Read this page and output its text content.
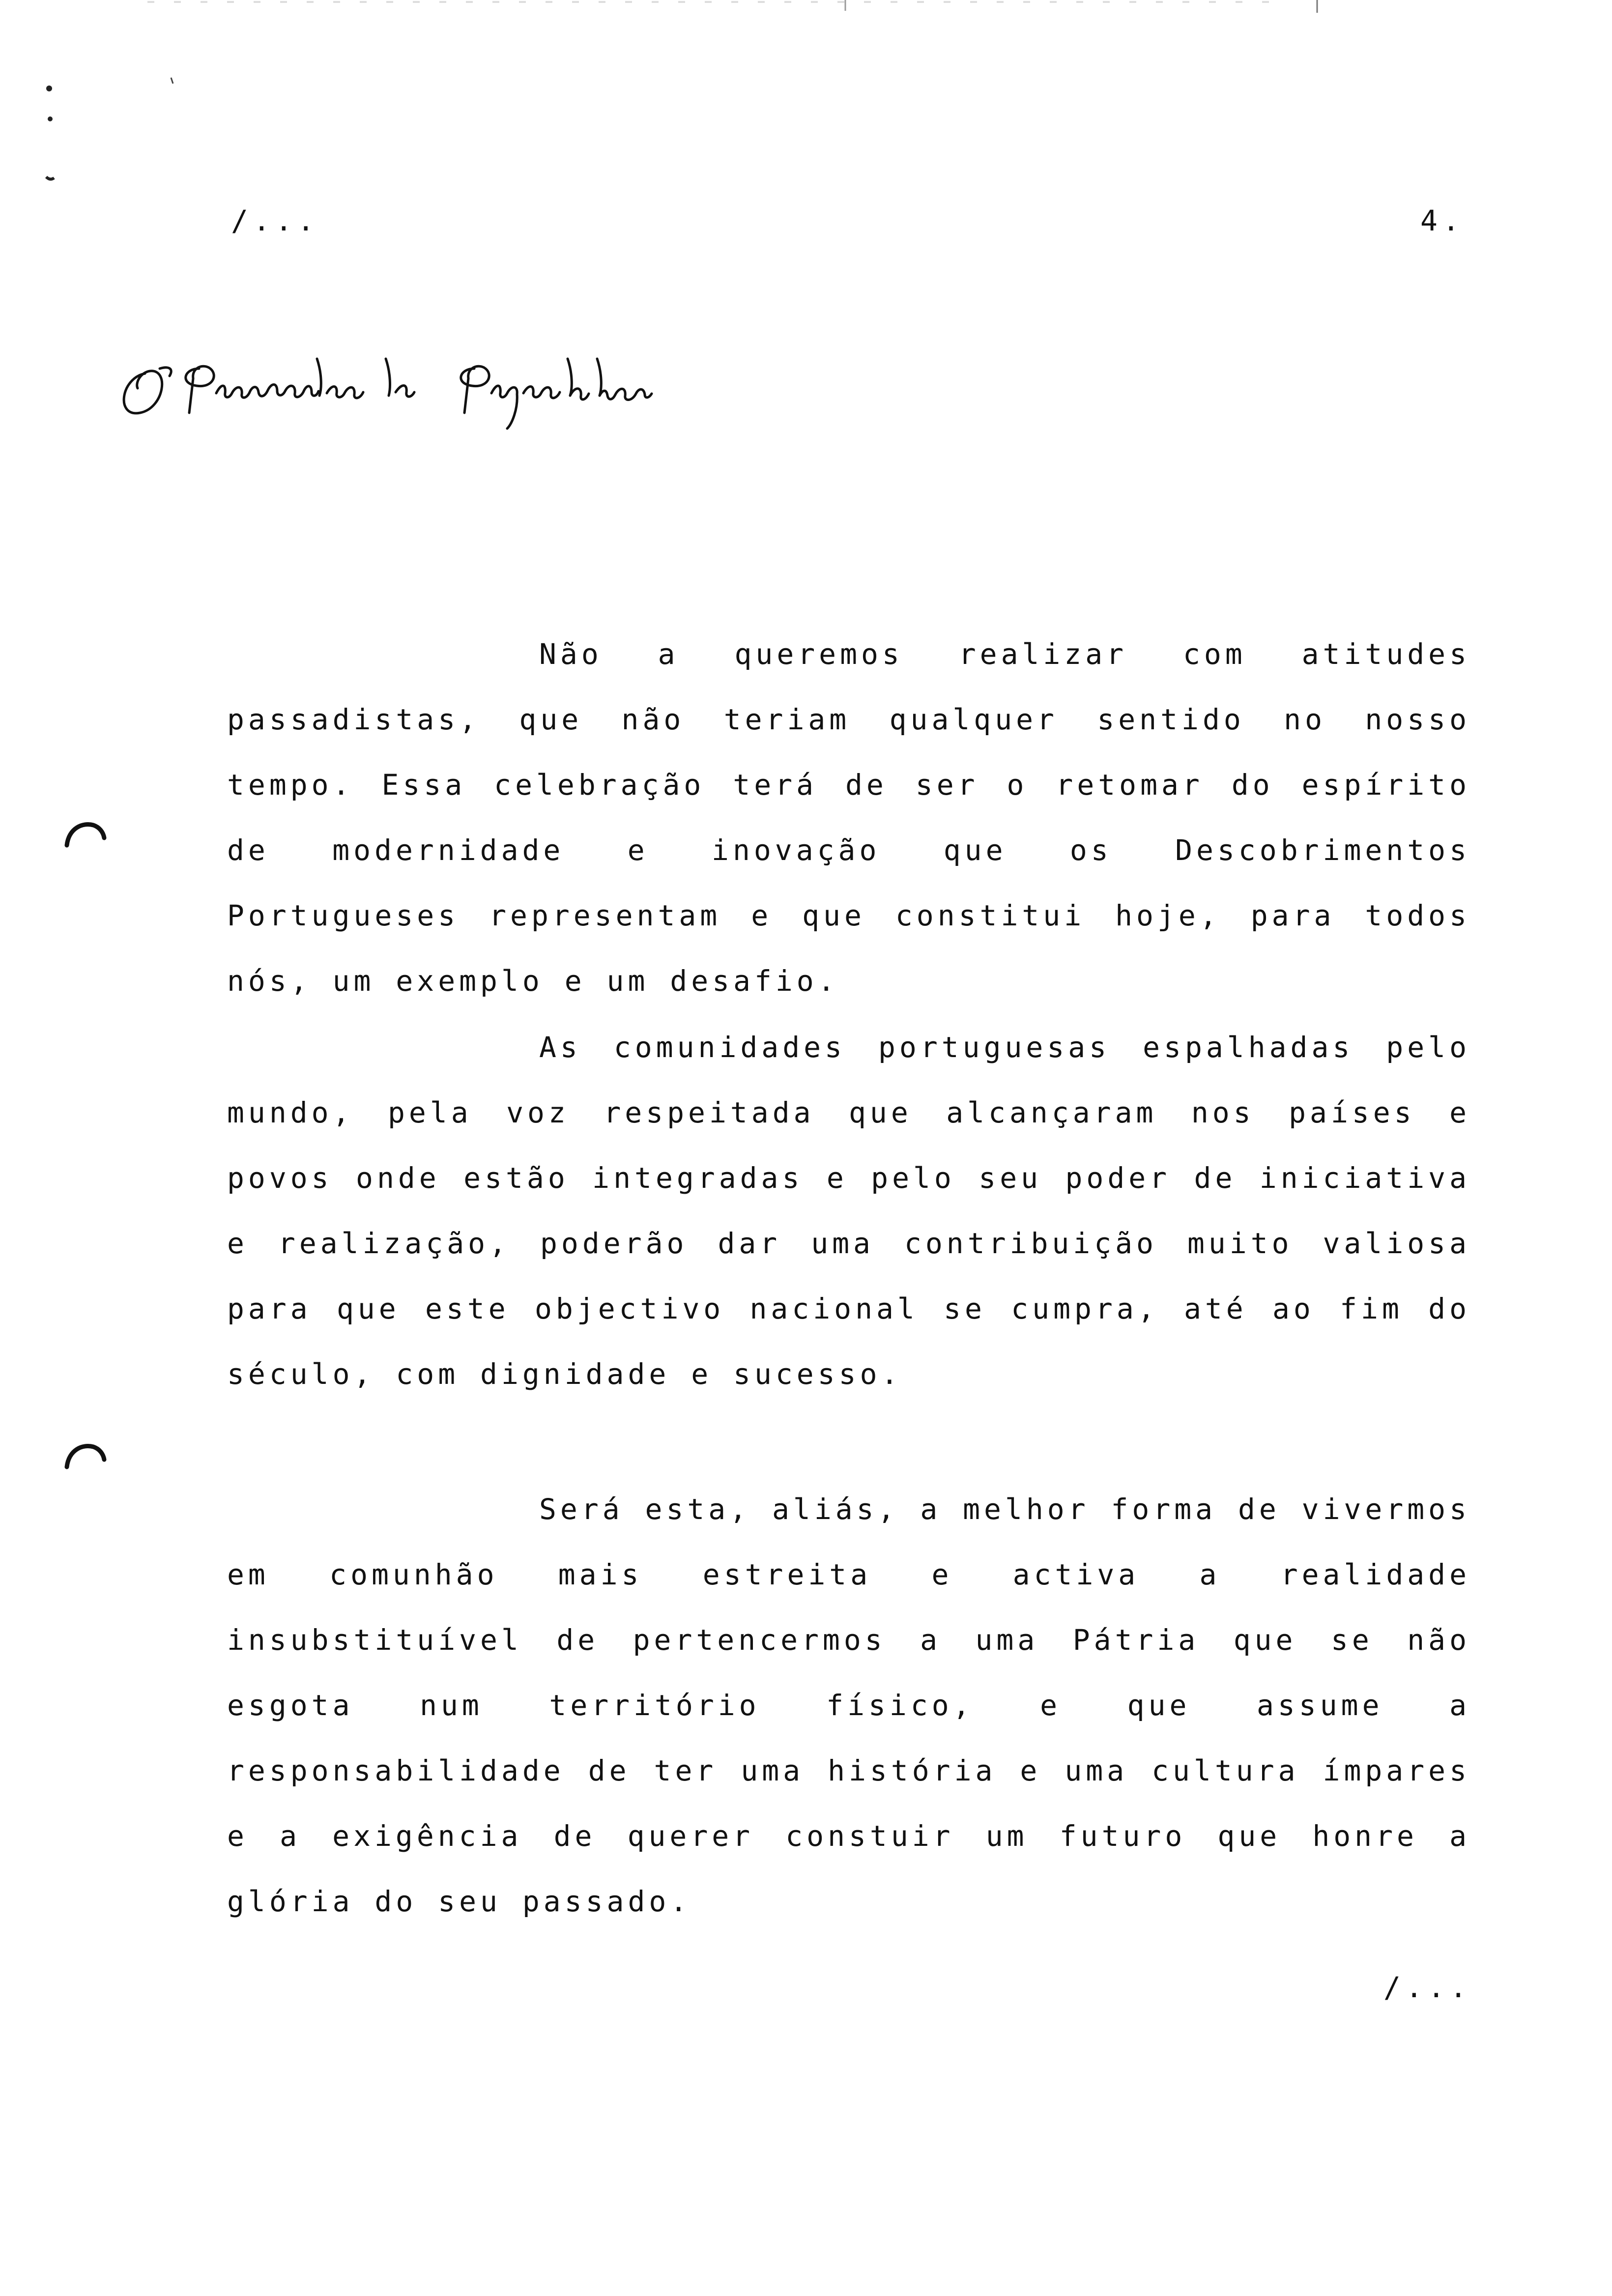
/...	4.

Não a queremos realizar com atitudes passadistas, que não teriam qualquer sentido no nosso tempo. Essa celebração terá de ser o retomar do espírito de modernidade e inovação que os Descobrimentos Portugueses representam e que constitui hoje, para todos nós, um exemplo e um desafio.

As comunidades portuguesas espalhadas pelo mundo, pela voz respeitada que alcançaram nos países e povos onde estão integradas e pelo seu poder de iniciativa e realização, poderão dar uma contribuição muito valiosa para que este objectivo nacional se cumpra, até ao fim do século, com dignidade e sucesso.

Será esta, aliás, a melhor forma de vivermos em comunhão mais estreita e activa a realidade insubstituível de pertencermos a uma Pátria que se não esgota num território físico, e que assume a responsabilidade de ter uma história e uma cultura ímpares e a exigência de querer constuir um futuro que honre a glória do seu passado.

/...
